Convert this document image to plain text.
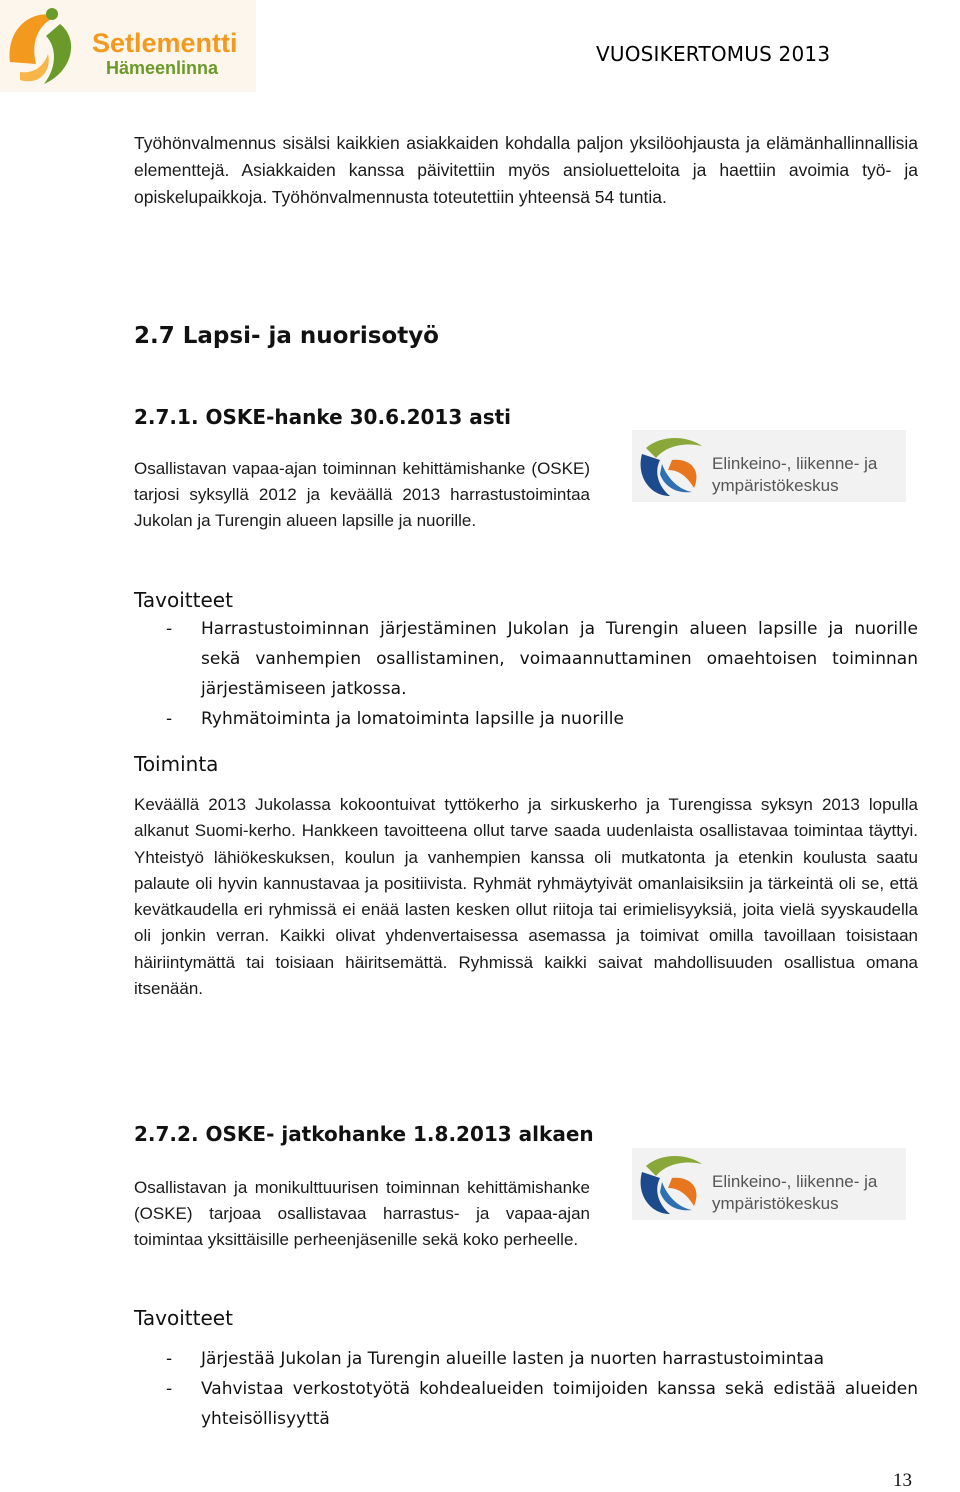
Setlementti
Hämeenlinna
VUOSIKERTOMUS 2013

Työhönvalmennus sisälsi kaikkien asiakkaiden kohdalla paljon yksilöohjausta ja elämänhallinnallisia elementtejä. Asiakkaiden kanssa päivitettiin myös ansioluetteloita ja haettiin avoimia työ- ja opiskelupaikkoja. Työhönvalmennusta toteutettiin yhteensä 54 tuntia.

2.7 Lapsi- ja nuorisotyö
2.7.1. OSKE-hanke 30.6.2013 asti

Osallistavan vapaa-ajan toiminnan kehittämishanke (OSKE) tarjosi syksyllä 2012 ja keväällä 2013 harrastustoimintaa Jukolan ja Turengin alueen lapsille ja nuorille.

Elinkeino-, liikenne- ja
ympäristökeskus
Tavoitteet
- Harrastustoiminnan järjestäminen Jukolan ja Turengin alueen lapsille ja nuorille sekä vanhempien osallistaminen, voimaannuttaminen omaehtoisen toiminnan järjestämiseen jatkossa.
- Ryhmätoiminta ja lomatoiminta lapsille ja nuorille
Toiminta

Keväällä 2013 Jukolassa kokoontuivat tyttökerho ja sirkuskerho ja Turengissa syksyn 2013 lopulla alkanut Suomi-kerho. Hankkeen tavoitteena ollut tarve saada uudenlaista osallistavaa toimintaa täyttyi. Yhteistyö lähiökeskuksen, koulun ja vanhempien kanssa oli mutkatonta ja etenkin koulusta saatu palaute oli hyvin kannustavaa ja positiivista. Ryhmät ryhmäytyivät omanlaisiksiin ja tärkeintä oli se, että kevätkaudella eri ryhmissä ei enää lasten kesken ollut riitoja tai erimielisyyksiä, joita vielä syyskaudella oli jonkin verran. Kaikki olivat yhdenvertaisessa asemassa ja toimivat omilla tavoillaan toisistaan häiriintymättä tai toisiaan häiritsemättä. Ryhmissä kaikki saivat mahdollisuuden osallistua omana itsenään.

2.7.2. OSKE- jatkohanke 1.8.2013 alkaen

Osallistavan ja monikulttuurisen toiminnan kehittämishanke (OSKE) tarjoaa osallistavaa harrastus- ja vapaa-ajan toimintaa yksittäisille perheenjäsenille sekä koko perheelle.

Elinkeino-, liikenne- ja
ympäristökeskus
Tavoitteet
- Järjestää Jukolan ja Turengin alueille lasten ja nuorten harrastustoimintaa
- Vahvistaa verkostotyötä kohdealueiden toimijoiden kanssa sekä edistää alueiden yhteisöllisyyttä
13
